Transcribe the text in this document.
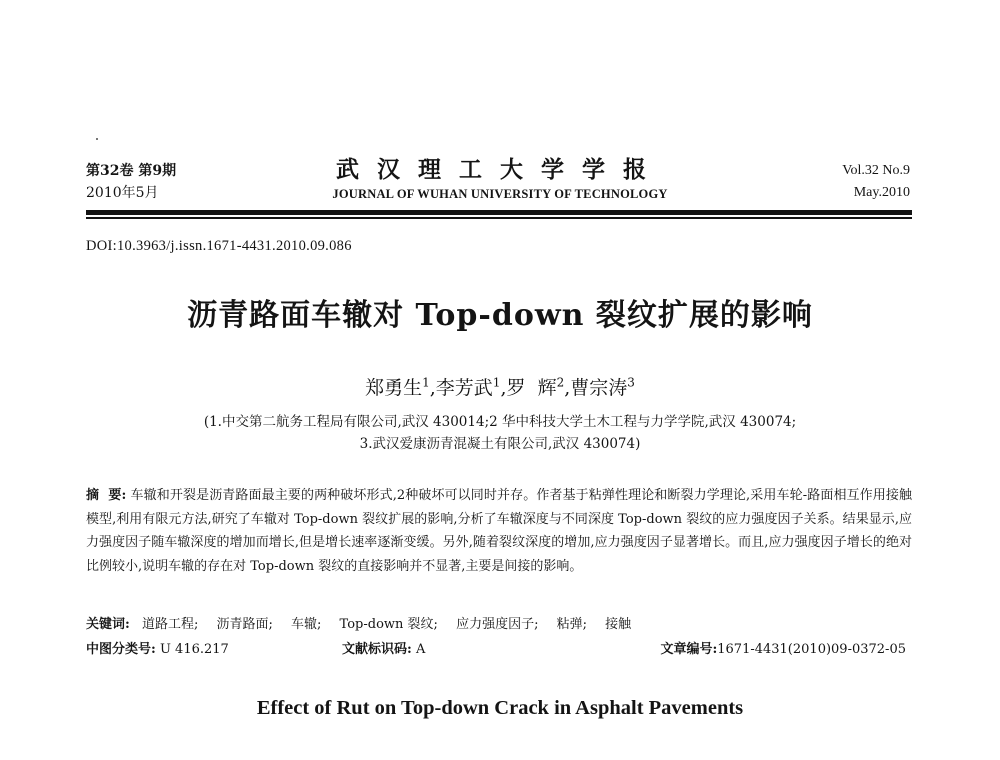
第32卷 第9期
2010年5月
武汉理工大学学报
JOURNAL OF WUHAN UNIVERSITY OF TECHNOLOGY
Vol.32 No.9
May.2010
DOI:10.3963/j.issn.1671-4431.2010.09.086
沥青路面车辙对 Top-down 裂纹扩展的影响
郑勇生$^1$,李芳武$^1$,罗  辉$^2$,曹宗涛$^3$
(1.中交第二航务工程局有限公司,武汉 430014;2 华中科技大学土木工程与力学学院,武汉 430074;
3.武汉爱康沥青混凝土有限公司,武汉 430074)
摘  要: 车辙和开裂是沥青路面最主要的两种破坏形式,2种破坏可以同时并存。作者基于粘弹性理论和断裂力学理论,采用车轮-路面相互作用接触模型,利用有限元方法,研究了车辙对 Top-down 裂纹扩展的影响,分析了车辙深度与不同深度 Top-down 裂纹的应力强度因子关系。结果显示,应力强度因子随车辙深度的增加而增长,但是增长速率逐渐变缓。另外,随着裂纹深度的增加,应力强度因子显著增长。而且,应力强度因子增长的绝对比例较小,说明车辙的存在对 Top-down 裂纹的直接影响并不显著,主要是间接的影响。
关键词: 道路工程; 沥青路面; 车辙; Top-down 裂纹; 应力强度因子; 粘弹; 接触
中图分类号: U 416.217	文献标识码: A	文章编号:1671-4431(2010)09-0372-05
Effect of Rut on Top-down Crack in Asphalt Pavements
